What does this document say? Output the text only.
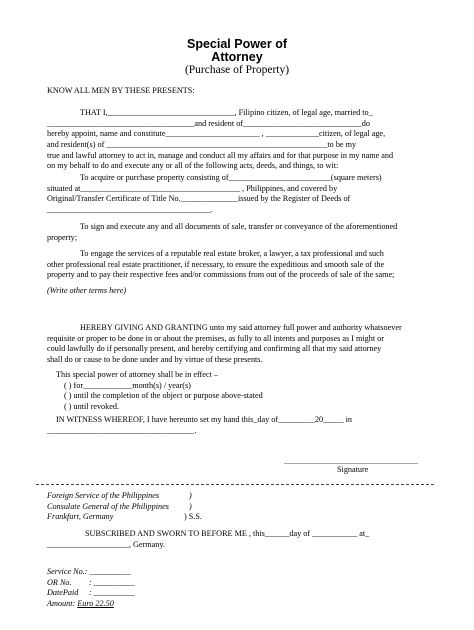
Special Power of
Attorney
(Purchase of Property)
KNOW ALL MEN BY THESE PRESENTS:
THAT I,_______________________________, Filipino citizen, of legal age, married to_
____________________________________and resident of_____________________________do
hereby appoint, name and constitute_______________________ , _____________citizen, of legal age,
and resident(s) of ______________________________________________________to be my
true and lawful attorney to act in, manage and conduct all my affairs and for that purpose in my name and
on my behalf to do and execute any or all of the following acts, deeds, and things, to wit:
To acquire or purchase property consisting of_________________________(square meters)
situated at_______________________________________ , Philippines, and covered by
Original/Transfer Certificate of Title No.______________issued by the Register of Deeds of
________________________________________.
To sign and execute any and all documents of sale, transfer or conveyance of the aforementioned
property;
To engage the services of a reputable real estate broker, a lawyer, a tax professional and such
other professional real estate practitioner, if necessary, to ensure the expeditious and smooth sale of the
property and to pay their respective fees and/or commissions from out of the proceeds of sale of the same;
(Write other terms here)
HEREBY GIVING AND GRANTING unto my said attorney full power and authority whatsoever
requisite or proper to be done in or about the premises, as fully to all intents and purposes as I might or
could lawfully do if personally present, and hereby certifying and confirming all that my said attorney
shall do or cause to be done under and by virtue of these presents.
This special power of attorney shall be in effect –
( ) for____________month(s) / year(s)
( ) until the completion of the object or purpose above-stated
( ) until revoked.
IN WITNESS WHEREOF, I have hereunto set my hand this_day of_________20_____ in
____________________________________.
Signature
Foreign Service of the Philippines	)
Consulate General of the Philippines )
Frankfurt, Germany	) S.S.
SUBSCRIBED AND SWORN TO BEFORE ME , this______day of ___________ at_
____________________, Germany.
Service No.: __________
OR No. : __________
DatePaid : __________
Amount: Euro 22.50
